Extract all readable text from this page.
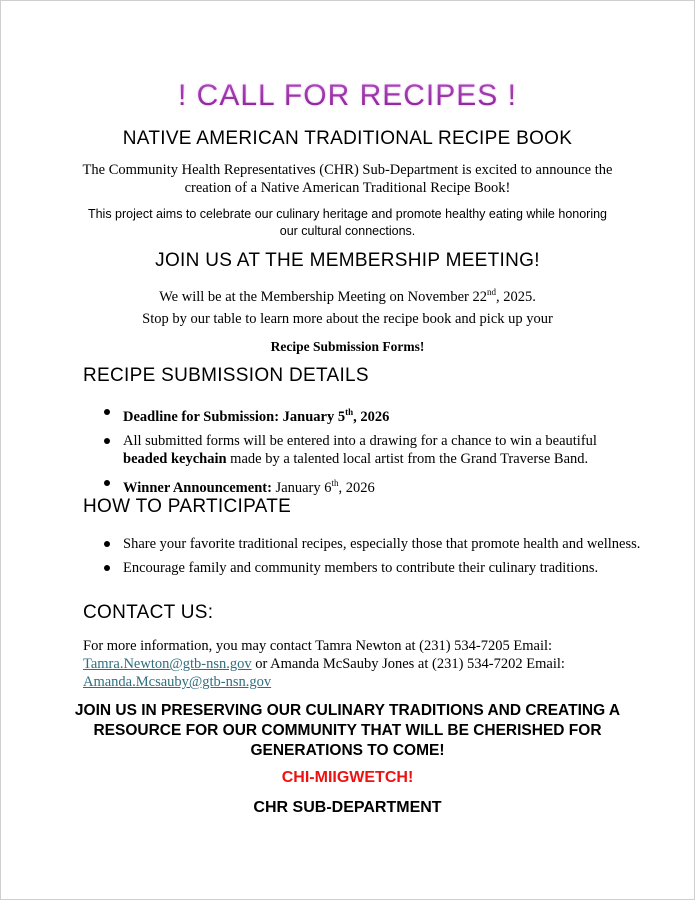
! CALL FOR RECIPES !
NATIVE AMERICAN TRADITIONAL RECIPE BOOK
The Community Health Representatives (CHR) Sub-Department is excited to announce the creation of a Native American Traditional Recipe Book!
This project aims to celebrate our culinary heritage and promote healthy eating while honoring our cultural connections.
JOIN US AT THE MEMBERSHIP MEETING!
We will be at the Membership Meeting on November 22nd, 2025.
Stop by our table to learn more about the recipe book and pick up your
Recipe Submission Forms!
RECIPE SUBMISSION DETAILS
Deadline for Submission: January 5th, 2026
All submitted forms will be entered into a drawing for a chance to win a beautiful beaded keychain made by a talented local artist from the Grand Traverse Band.
Winner Announcement: January 6th, 2026
HOW TO PARTICIPATE
Share your favorite traditional recipes, especially those that promote health and wellness.
Encourage family and community members to contribute their culinary traditions.
CONTACT US:
For more information, you may contact Tamra Newton at (231) 534-7205 Email: Tamra.Newton@gtb-nsn.gov or Amanda McSauby Jones at (231) 534-7202 Email: Amanda.Mcsauby@gtb-nsn.gov
JOIN US IN PRESERVING OUR CULINARY TRADITIONS AND CREATING A RESOURCE FOR OUR COMMUNITY THAT WILL BE CHERISHED FOR GENERATIONS TO COME!
CHI-MIIGWETCH!
CHR SUB-DEPARTMENT
